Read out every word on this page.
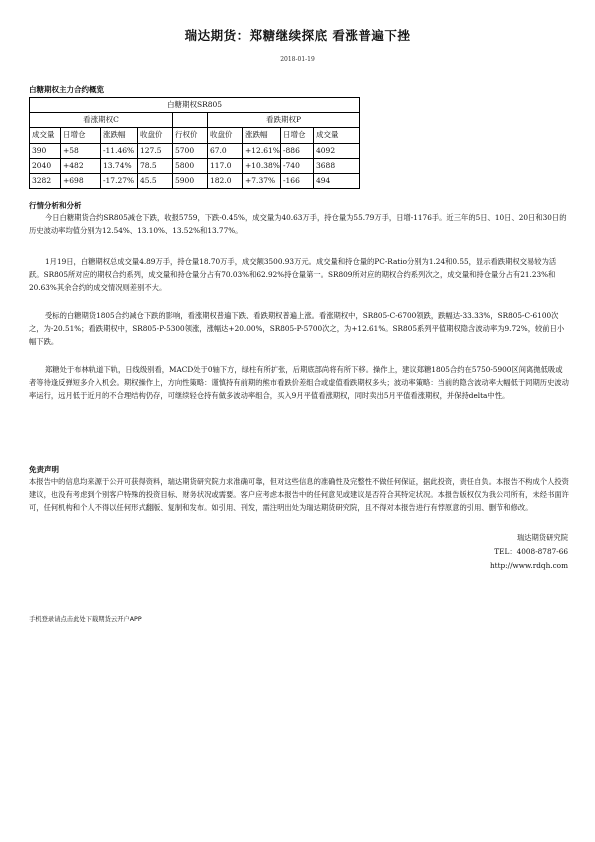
瑞达期货：郑糖继续探底 看涨普遍下挫
2018-01-19
白糖期权主力合约概览
白糖期权SR805								
看涨期权C					看跌期权P			
成交量	日增仓	涨跌幅	收盘价	行权价	收盘价	涨跌幅	日增仓	成交量
390	+58	-11.46%	127.5	5700	67.0	+12.61%	-886	4092
2040	+482	13.74%	78.5	5800	117.0	+10.38%	-740	3688
3282	+698	-17.27%	45.5	5900	182.0	+7.37%	-166	494
行情分析和分析

今日白糖期货合约SR805减仓下跌，收报5759，下跌-0.45%，成交量为40.63万手，持仓量为55.79万手，日增-1176手。近三年的5日、10日、20日和30日的历史波动率均值分别为12.54%、13.10%、13.52%和13.77%。

1月19日，白糖期权总成交量4.89万手，持仓量18.70万手，成交额3500.93万元。成交量和持仓量的PC-Ratio分别为1.24和0.55，显示看跌期权交易较为活跃。SR805所对应的期权合约系列，成交量和持仓量分占有70.03%和62.92%持仓量第一。SR809所对应的期权合约系列次之，成交量和持仓量分占有21.23%和20.63%其余合约的成交情况则差别不大。

受标的白糖期货1805合约减仓下跌的影响，看涨期权普遍下跌、看跌期权普遍上涨。看涨期权中，SR805-C-6700领跌，跌幅达-33.33%，SR805-C-6100次之，为-20.51%；看跌期权中，SR805-P-5300领涨，涨幅达+20.00%，SR805-P-5700次之，为+12.61%。SR805系列平值期权隐含波动率为9.72%，较前日小幅下跌。

郑糖处于布林轨道下轨，日线级别看，MACD处于0轴下方，绿柱有所扩张，后期底部尚将有所下移。操作上，建议郑糖1805合约在5750-5900区间离拋低吸或者等待逢反弹短多介入机会。期权操作上，方向性策略：谨慎持有前期的熊市看跌价差组合或虚值看跌期权多头；波动率策略：当前的隐含波动率大幅低于同期历史波动率运行，远月低于近月的不合理结构仍存，可继续轻仓持有做多波动率组合，买入9月平值看涨期权，同时卖出5月平值看涨期权，并保持delta中性。

免责声明

本报告中的信息均来源于公开可获得资料，瑞达期货研究院力求准确可靠，但对这些信息的准确性及完整性不做任何保证，据此投资，责任自负。本报告不构成个人投资建议，也没有考虑到个别客户特殊的投资目标、财务状况或需要。客户应考虑本报告中的任何意见或建议是否符合其特定状况。本报告版权仅为我公司所有，未经书面许可，任何机构和个人不得以任何形式翻版、复制和发布。如引用、刊发，需注明出处为瑞达期货研究院，且不得对本报告进行有悖原意的引用、删节和修改。

瑞达期货研究院
TEL：4008-8787-66
http://www.rdqh.com
手机登录请点击此处下载期货云开户APP
